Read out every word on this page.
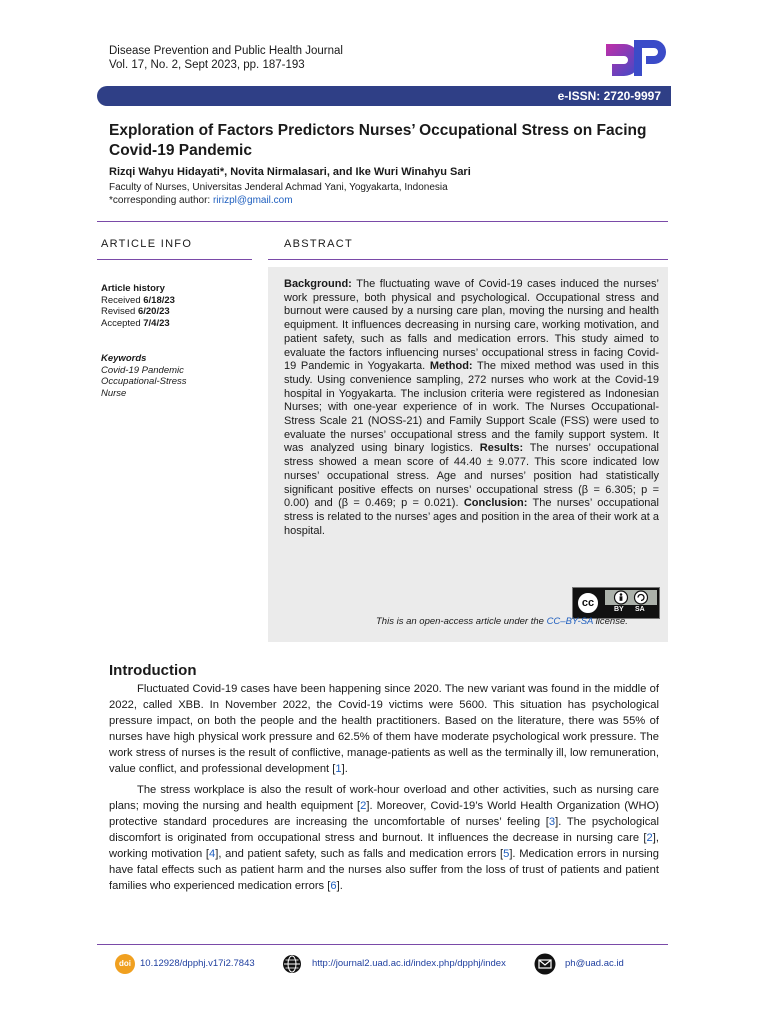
Disease Prevention and Public Health Journal
Vol. 17, No. 2, Sept 2023, pp. 187-193
e-ISSN: 2720-9997
Exploration of Factors Predictors Nurses’ Occupational Stress on Facing Covid-19 Pandemic
Rizqi Wahyu Hidayati*, Novita Nirmalasari, and Ike Wuri Winahyu Sari
Faculty of Nurses, Universitas Jenderal Achmad Yani, Yogyakarta, Indonesia
*corresponding author: ririzpl@gmail.com
ARTICLE INFO	ABSTRACT
Article history
Received 6/18/23
Revised 6/20/23
Accepted 7/4/23
Keywords
Covid-19 Pandemic
Occupational-Stress
Nurse
Background: The fluctuating wave of Covid-19 cases induced the nurses’ work pressure, both physical and psychological. Occupational stress and burnout were caused by a nursing care plan, moving the nursing and health equipment. It influences decreasing in nursing care, working motivation, and patient safety, such as falls and medication errors. This study aimed to evaluate the factors influencing nurses’ occupational stress in facing Covid-19 Pandemic in Yogyakarta. Method: The mixed method was used in this study. Using convenience sampling, 272 nurses who work at the Covid-19 hospital in Yogyakarta. The inclusion criteria were registered as Indonesian Nurses; with one-year experience of in work. The Nurses Occupational-Stress Scale 21 (NOSS-21) and Family Support Scale (FSS) were used to evaluate the nurses’ occupational stress and the family support system. It was analyzed using binary logistics. Results: The nurses’ occupational stress showed a mean score of 44.40 ± 9.077. This score indicated low nurses’ occupational stress. Age and nurses’ position had statistically significant positive effects on nurses’ occupational stress (β = 6.305; p = 0.00) and (β = 0.469; p = 0.021). Conclusion: The nurses’ occupational stress is related to the nurses’ ages and position in the area of their work at a hospital.
cc
BY SA
This is an open-access article under the CC–BY-SA license.
Introduction

Fluctuated Covid-19 cases have been happening since 2020. The new variant was found in the middle of 2022, called XBB. In November 2022, the Covid-19 victims were 5600. This situation has psychological pressure impact, on both the people and the health practitioners. Based on the literature, there was 55% of nurses have high physical work pressure and 62.5% of them have moderate psychological work pressure. The work stress of nurses is the result of conflictive, manage-patients as well as the terminally ill, low remuneration, value conflict, and professional development [1].

The stress workplace is also the result of work-hour overload and other activities, such as nursing care plans; moving the nursing and health equipment [2]. Moreover, Covid-19’s World Health Organization (WHO) protective standard procedures are increasing the uncomfortable of nurses’ feeling [3]. The psychological discomfort is originated from occupational stress and burnout. It influences the decrease in nursing care [2], working motivation [4], and patient safety, such as falls and medication errors [5]. Medication errors in nursing have fatal effects such as patient harm and the nurses also suffer from the loss of trust of patients and patient families who experienced medication errors [6].

doi 10.12928/dpphj.v17i2.7843	http://journal2.uad.ac.id/index.php/dpphj/index	ph@uad.ac.id
